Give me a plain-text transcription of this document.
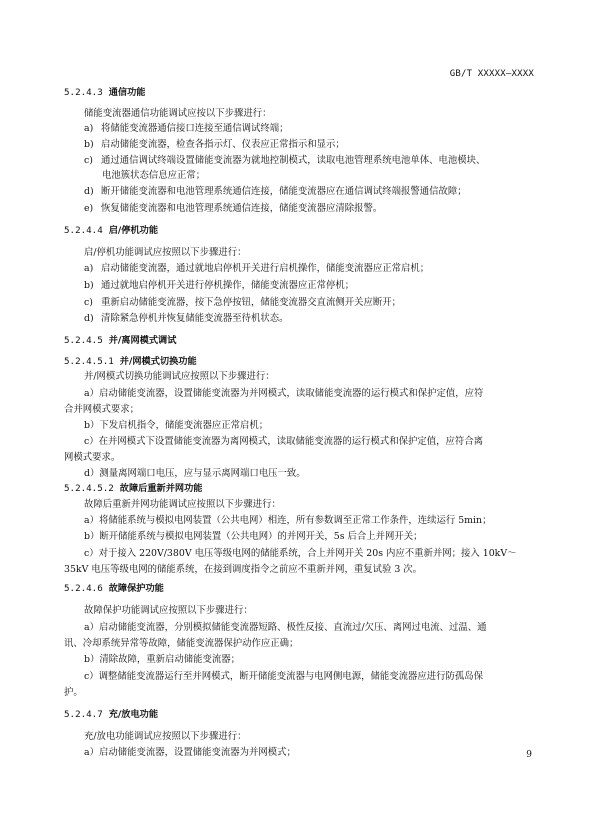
GB/T XXXXX—XXXX
5.2.4.3 通信功能
储能变流器通信功能调试应按以下步骤进行：
a) 将储能变流器通信接口连接至通信调试终端；
b) 启动储能变流器，检查各指示灯、仪表应正常指示和显示；
c) 通过通信调试终端设置储能变流器为就地控制模式，读取电池管理系统电池单体、电池模块、
电池簇状态信息应正常；
d) 断开储能变流器和电池管理系统通信连接，储能变流器应在通信调试终端报警通信故障；
e) 恢复储能变流器和电池管理系统通信连接，储能变流器应清除报警。
5.2.4.4 启/停机功能
启/停机功能调试应按照以下步骤进行：
a) 启动储能变流器，通过就地启停机开关进行启机操作，储能变流器应正常启机；
b) 通过就地启停机开关进行停机操作，储能变流器应正常停机；
c) 重新启动储能变流器，按下急停按钮，储能变流器交直流侧开关应断开；
d) 清除紧急停机并恢复储能变流器至待机状态。
5.2.4.5 并/离网模式调试
5.2.4.5.1 并/网模式切换功能
并/网模式切换功能调试应按照以下步骤进行：
a）启动储能变流器，设置储能变流器为并网模式，读取储能变流器的运行模式和保护定值，应符
合并网模式要求；
b）下发启机指令，储能变流器应正常启机；
c）在并网模式下设置储能变流器为离网模式，读取储能变流器的运行模式和保护定值，应符合离
网模式要求。
d）测量离网端口电压，应与显示离网端口电压一致。
5.2.4.5.2 故障后重新并网功能
故障后重新并网功能调试应按照以下步骤进行：
a）将储能系统与模拟电网装置（公共电网）相连，所有参数调至正常工作条件，连续运行 5min；
b）断开储能系统与模拟电网装置（公共电网）的并网开关，5s 后合上并网开关；
c）对于接入 220V/380V 电压等级电网的储能系统，合上并网开关 20s 内应不重新并网；接入 10kV～
35kV 电压等级电网的储能系统，在接到调度指令之前应不重新并网，重复试验 3 次。
5.2.4.6 故障保护功能
故障保护功能调试应按照以下步骤进行：
a）启动储能变流器，分别模拟储能变流器短路、极性反接、直流过/欠压、离网过电流、过温、通
讯、冷却系统异常等故障，储能变流器保护动作应正确；
b）清除故障，重新启动储能变流器；
c）调整储能变流器运行至并网模式，断开储能变流器与电网侧电源，储能变流器应进行防孤岛保
护。
5.2.4.7 充/放电功能
充/放电功能调试应按照以下步骤进行：
a）启动储能变流器，设置储能变流器为并网模式；	9
